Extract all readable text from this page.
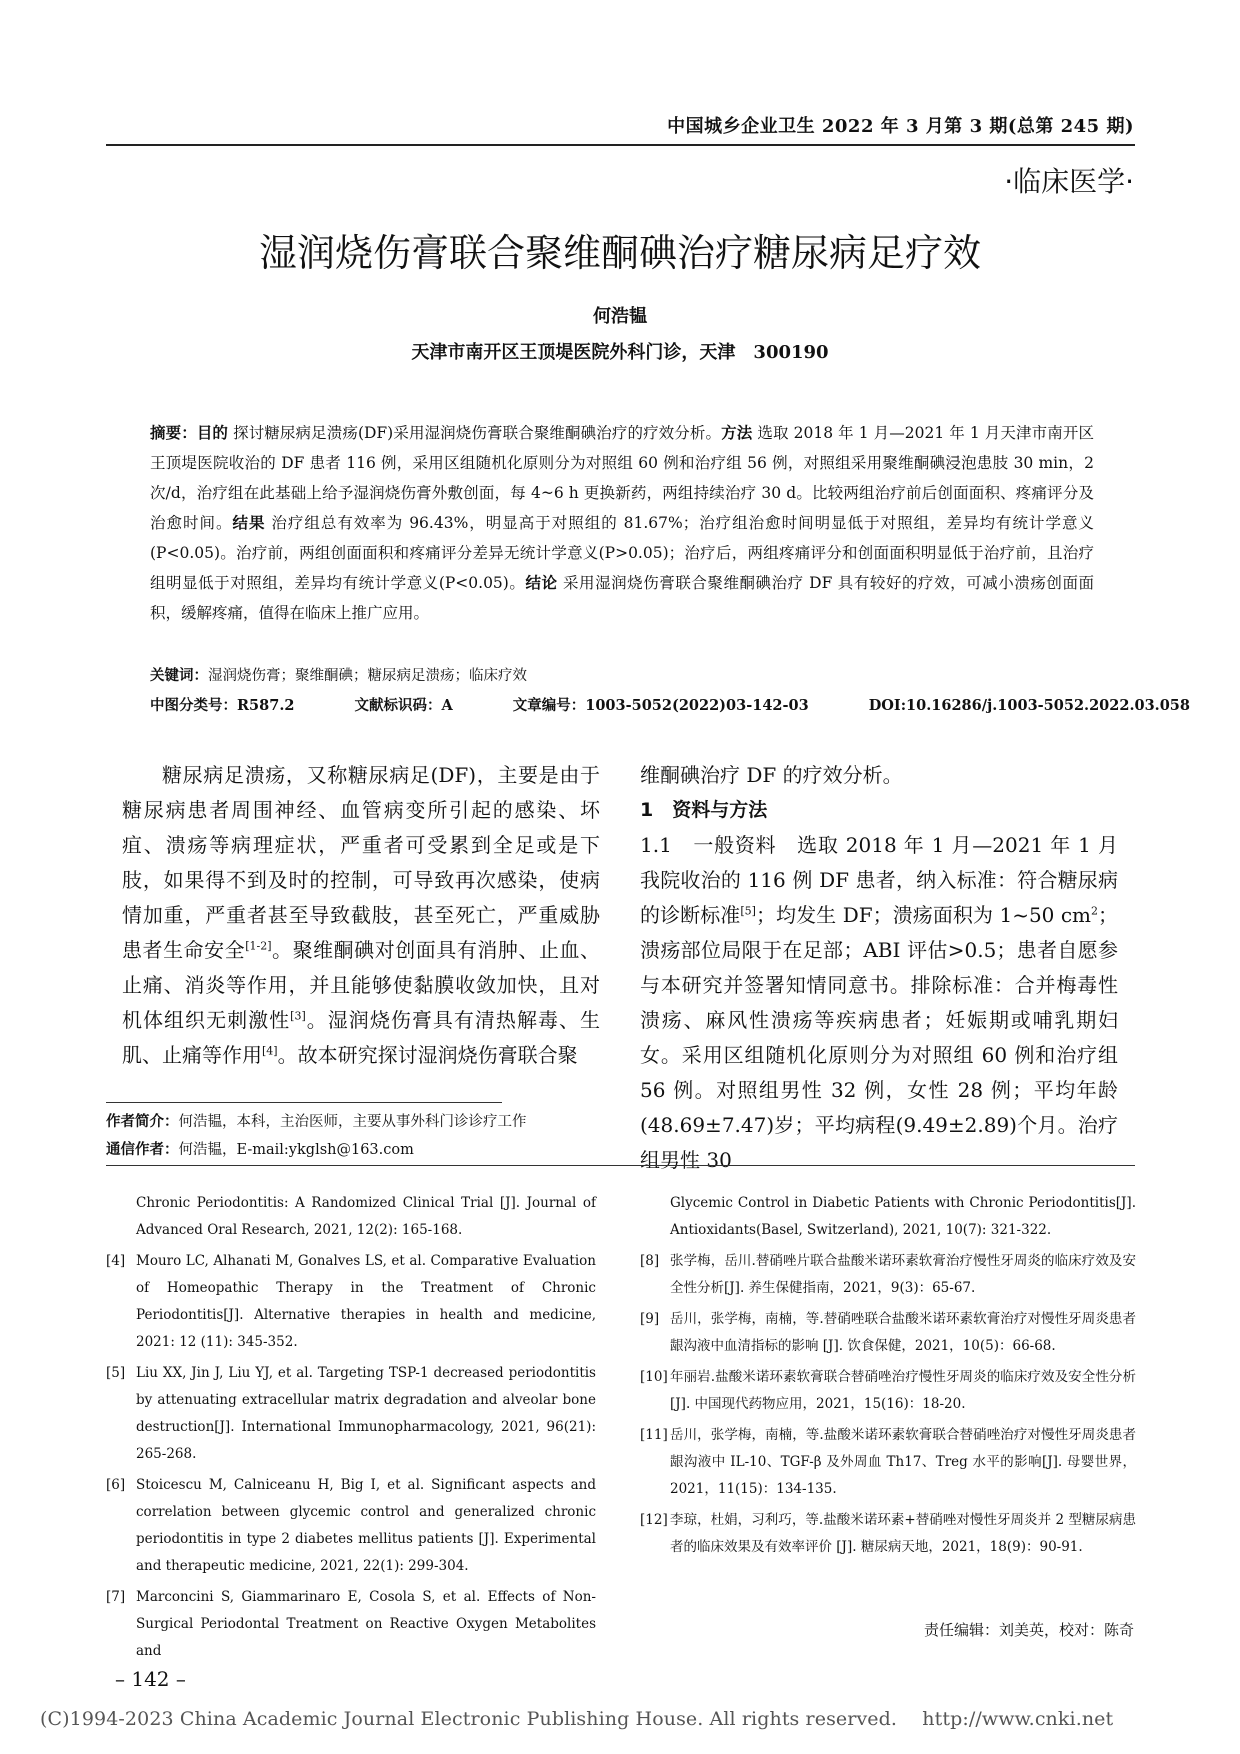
中国城乡企业卫生 2022 年 3 月第 3 期(总第 245 期)
·临床医学·
湿润烧伤膏联合聚维酮碘治疗糖尿病足疗效
何浩韫
天津市南开区王顶堤医院外科门诊，天津　300190
摘要：目的 探讨糖尿病足溃疡(DF)采用湿润烧伤膏联合聚维酮碘治疗的疗效分析。方法 选取 2018 年 1 月—2021 年 1 月天津市南开区王顶堤医院收治的 DF 患者 116 例，采用区组随机化原则分为对照组 60 例和治疗组 56 例，对照组采用聚维酮碘浸泡患肢 30 min，2 次/d，治疗组在此基础上给予湿润烧伤膏外敷创面，每 4~6 h 更换新药，两组持续治疗 30 d。比较两组治疗前后创面面积、疼痛评分及治愈时间。结果 治疗组总有效率为 96.43%，明显高于对照组的 81.67%；治疗组治愈时间明显低于对照组，差异均有统计学意义(P<0.05)。治疗前，两组创面面积和疼痛评分差异无统计学意义(P>0.05)；治疗后，两组疼痛评分和创面面积明显低于治疗前，且治疗组明显低于对照组，差异均有统计学意义(P<0.05)。结论 采用湿润烧伤膏联合聚维酮碘治疗 DF 具有较好的疗效，可减小溃疡创面面积，缓解疼痛，值得在临床上推广应用。
关键词：湿润烧伤膏；聚维酮碘；糖尿病足溃疡；临床疗效
中图分类号：R587.2	文献标识码：A	文章编号：1003-5052(2022)03-142-03	DOI:10.16286/j.1003-5052.2022.03.058

糖尿病足溃疡，又称糖尿病足(DF)，主要是由于糖尿病患者周围神经、血管病变所引起的感染、坏疽、溃疡等病理症状，严重者可受累到全足或是下肢，如果得不到及时的控制，可导致再次感染，使病情加重，严重者甚至导致截肢，甚至死亡，严重威胁患者生命安全[1-2]。聚维酮碘对创面具有消肿、止血、止痛、消炎等作用，并且能够使黏膜收敛加快，且对机体组织无刺激性[3]。湿润烧伤膏具有清热解毒、生肌、止痛等作用[4]。故本研究探讨湿润烧伤膏联合聚

维酮碘治疗 DF 的疗效分析。

1　资料与方法

1.1　一般资料　选取 2018 年 1 月—2021 年 1 月我院收治的 116 例 DF 患者，纳入标准：符合糖尿病的诊断标准[5]；均发生 DF；溃疡面积为 1~50 $cm^2$；溃疡部位局限于在足部；ABI 评估>0.5；患者自愿参与本研究并签署知情同意书。排除标准：合并梅毒性溃疡、麻风性溃疡等疾病患者；妊娠期或哺乳期妇女。采用区组随机化原则分为对照组 60 例和治疗组 56 例。对照组男性 32 例，女性 28 例；平均年龄(48.69±7.47)岁；平均病程(9.49±2.89)个月。治疗组男性 30

作者简介：何浩韫，本科，主治医师，主要从事外科门诊诊疗工作
通信作者：何浩韫，E-mail:ykglsh@163.com
Chronic Periodontitis: A Randomized Clinical Trial [J]. Journal of Advanced Oral Research, 2021, 12(2): 165-168.
[4] Mouro LC, Alhanati M, Gonalves LS, et al. Comparative Evaluation of Homeopathic Therapy in the Treatment of Chronic Periodontitis[J]. Alternative therapies in health and medicine, 2021: 12 (11): 345-352.
[5] Liu XX, Jin J, Liu YJ, et al. Targeting TSP-1 decreased periodontitis by attenuating extracellular matrix degradation and alveolar bone destruction[J]. International Immunopharmacology, 2021, 96(21): 265-268.
[6] Stoicescu M, Calniceanu H, Big I, et al. Significant aspects and correlation between glycemic control and generalized chronic periodontitis in type 2 diabetes mellitus patients [J]. Experimental and therapeutic medicine, 2021, 22(1): 299-304.
[7] Marconcini S, Giammarinaro E, Cosola S, et al. Effects of Non-Surgical Periodontal Treatment on Reactive Oxygen Metabolites and
Glycemic Control in Diabetic Patients with Chronic Periodontitis[J]. Antioxidants(Basel, Switzerland), 2021, 10(7): 321-322.
[8] 张学梅，岳川.替硝唑片联合盐酸米诺环素软膏治疗慢性牙周炎的临床疗效及安全性分析[J]. 养生保健指南，2021，9(3)：65-67.
[9] 岳川，张学梅，南楠，等.替硝唑联合盐酸米诺环素软膏治疗对慢性牙周炎患者龈沟液中血清指标的影响 [J]. 饮食保健，2021，10(5)：66-68.
[10] 年丽岩.盐酸米诺环素软膏联合替硝唑治疗慢性牙周炎的临床疗效及安全性分析[J]. 中国现代药物应用，2021，15(16)：18-20.
[11] 岳川，张学梅，南楠，等.盐酸米诺环素软膏联合替硝唑治疗对慢性牙周炎患者龈沟液中 IL-10、TGF-β 及外周血 Th17、Treg 水平的影响[J]. 母婴世界，2021，11(15)：134-135.
[12] 李琼，杜娟，习利巧，等.盐酸米诺环素+替硝唑对慢性牙周炎并 2 型糖尿病患者的临床效果及有效率评价 [J]. 糖尿病天地，2021，18(9)：90-91.
责任编辑：刘美英，校对：陈奇
– 142 –
(C)1994-2023 China Academic Journal Electronic Publishing House. All rights reserved.　 http://www.cnki.net
